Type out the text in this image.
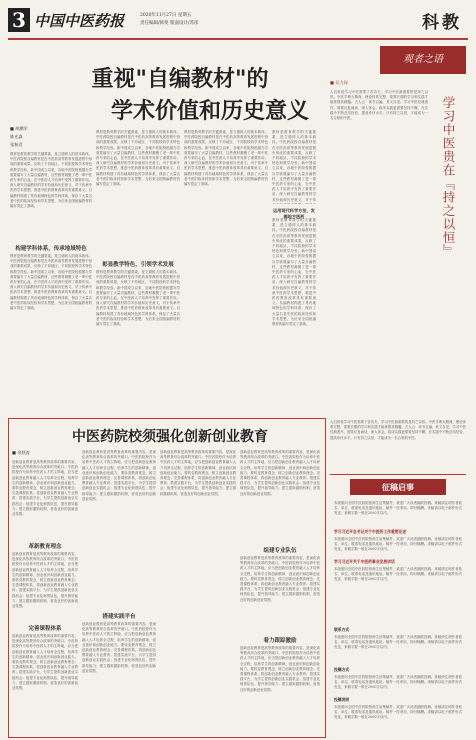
3 中国中医药报	2020年11月27日 星期五
责任编辑/韩斐 版面设计/苏彤	科教
重视"自编教材"的
学术价值和历史意义
■ 胡鹏军
陈光淼
张秋君
教材是教育教学的关键要素，是立德树人的基本载体。中医药院校自编教材是在中医药高等教育发展进程中形成的重要成果，反映了不同地区、不同院校的学术特色和教学经验。新中国成立以来，各地中医院校根据办学需要编写了大量自编教材，这些教材凝聚了老一辈中医药专家的心血，在中医药人才培养中发挥了重要作用。深入研究自编教材的学术价值和历史意义，对于传承中医药学术思想、推进中医药教育改革具有重要意义。自编教材构建了具有地域特色的学科体系，保存了大量名老中医的临床经验和学术思想，为后来全国统编教材的编写奠定了基础。
构建学科体系，传承地域特色
教材是教育教学的关键要素，是立德树人的基本载体。中医药院校自编教材是在中医药高等教育发展进程中形成的重要成果，反映了不同地区、不同院校的学术特色和教学经验。新中国成立以来，各地中医院校根据办学需要编写了大量自编教材，这些教材凝聚了老一辈中医药专家的心血，在中医药人才培养中发挥了重要作用。深入研究自编教材的学术价值和历史意义，对于传承中医药学术思想、推进中医药教育改革具有重要意义。自编教材构建了具有地域特色的学科体系，保存了大量名老中医的临床经验和学术思想，为后来全国统编教材的编写奠定了基础。
教材是教育教学的关键要素，是立德树人的基本载体。中医药院校自编教材是在中医药高等教育发展进程中形成的重要成果，反映了不同地区、不同院校的学术特色和教学经验。新中国成立以来，各地中医院校根据办学需要编写了大量自编教材，这些教材凝聚了老一辈中医药专家的心血，在中医药人才培养中发挥了重要作用。深入研究自编教材的学术价值和历史意义，对于传承中医药学术思想、推进中医药教育改革具有重要意义。自编教材构建了具有地域特色的学科体系，保存了大量名老中医的临床经验和学术思想，为后来全国统编教材的编写奠定了基础。
彰显教学特色，引领学术发展
教材是教育教学的关键要素，是立德树人的基本载体。中医药院校自编教材是在中医药高等教育发展进程中形成的重要成果，反映了不同地区、不同院校的学术特色和教学经验。新中国成立以来，各地中医院校根据办学需要编写了大量自编教材，这些教材凝聚了老一辈中医药专家的心血，在中医药人才培养中发挥了重要作用。深入研究自编教材的学术价值和历史意义，对于传承中医药学术思想、推进中医药教育改革具有重要意义。自编教材构建了具有地域特色的学科体系，保存了大量名老中医的临床经验和学术思想，为后来全国统编教材的编写奠定了基础。
教材是教育教学的关键要素，是立德树人的基本载体。中医药院校自编教材是在中医药高等教育发展进程中形成的重要成果，反映了不同地区、不同院校的学术特色和教学经验。新中国成立以来，各地中医院校根据办学需要编写了大量自编教材，这些教材凝聚了老一辈中医药专家的心血，在中医药人才培养中发挥了重要作用。深入研究自编教材的学术价值和历史意义，对于传承中医药学术思想、推进中医药教育改革具有重要意义。自编教材构建了具有地域特色的学科体系，保存了大量名老中医的临床经验和学术思想，为后来全国统编教材的编写奠定了基础。
教材是教育教学的关键要素，是立德树人的基本载体。中医药院校自编教材是在中医药高等教育发展进程中形成的重要成果，反映了不同地区、不同院校的学术特色和教学经验。新中国成立以来，各地中医院校根据办学需要编写了大量自编教材，这些教材凝聚了老一辈中医药专家的心血，在中医药人才培养中发挥了重要作用。深入研究自编教材的学术价值和历史意义，对于传
运用现代科学方法，发掘地方医药
教材是教育教学的关键要素，是立德树人的基本载体。中医药院校自编教材是在中医药高等教育发展进程中形成的重要成果，反映了不同地区、不同院校的学术特色和教学经验。新中国成立以来，各地中医院校根据办学需要编写了大量自编教材，这些教材凝聚了老一辈中医药专家的心血，在中医药人才培养中发挥了重要作用。深入研究自编教材的学术价值和历史意义，对于传承中医药学术思想、推进中医药教育改革具有重要意义。自编教材构建了具有地域特色的学科体系，保存了大量名老中医的临床经验和学术思想，为后来全国统编教材的编写奠定了基础。
观者之语
■ 吴力琛
人们常说学习中医需要下苦功夫，学习中医最重要的是持之以恒。中医学博大精深，理论体系完整，需要长期的学习和实践才能掌握其精髓。古人云：读书百遍，其义自见。学习中医经典著作，需要反复诵读，深入体会。临床实践更需要坚持不懈，在实践中不断总结经验，提高诊疗水平。只有持之以恒，才能成为一名合格的中医。	学习中医贵在『持之以恒』
中医药院校须强化创新创业教育
■ 余跃涛
创新创业教育是高等教育改革的重要内容，是深化高等教育综合改革的突破口。中医药院校作为培养中医药人才的主阵地，应当把创新创业教育融入人才培养全过程，培养学生的创新精神、创业意识和创新创业能力。要转变教育观念，树立创新创业教育理念；完善课程体系，将创新创业教育融入专业教育；搭建实践平台，为学生提供创新创业实践机会；组建专业化师资队伍，提升指导能力；建立跟踪激励机制，营造良好的创新创业氛围。
革新教育理念
创新创业教育是高等教育改革的重要内容，是深化高等教育综合改革的突破口。中医药院校作为培养中医药人才的主阵地，应当把创新创业教育融入人才培养全过程，培养学生的创新精神、创业意识和创新创业能力。要转变教育观念，树立创新创业教育理念；完善课程体系，将创新创业教育融入专业教育；搭建实践平台，为学生提供创新创业实践机会；组建专业化师资队伍，提升指导能力；建立跟踪激励机制，营造良好的创新创业氛围。
完善课程体系
创新创业教育是高等教育改革的重要内容，是深化高等教育综合改革的突破口。中医药院校作为培养中医药人才的主阵地，应当把创新创业教育融入人才培养全过程，培养学生的创新精神、创业意识和创新创业能力。要转变教育观念，树立创新创业教育理念；完善课程体系，将创新创业教育融入专业教育；搭建实践平台，为学生提供创新创业实践机会；组建专业化师资队伍，提升指导能力；建立跟踪激励机制，营造良好的创新创业氛围。
创新创业教育是高等教育改革的重要内容，是深化高等教育综合改革的突破口。中医药院校作为培养中医药人才的主阵地，应当把创新创业教育融入人才培养全过程，培养学生的创新精神、创业意识和创新创业能力。要转变教育观念，树立创新创业教育理念；完善课程体系，将创新创业教育融入专业教育；搭建实践平台，为学生提供创新创业实践机会；组建专业化师资队伍，提升指导能力；建立跟踪激励机制，营造良好的创新创业氛围。
搭建实践平台
创新创业教育是高等教育改革的重要内容，是深化高等教育综合改革的突破口。中医药院校作为培养中医药人才的主阵地，应当把创新创业教育融入人才培养全过程，培养学生的创新精神、创业意识和创新创业能力。要转变教育观念，树立创新创业教育理念；完善课程体系，将创新创业教育融入专业教育；搭建实践平台，为学生提供创新创业实践机会；组建专业化师资队伍，提升指导能力；建立跟踪激励机制，营造良好的创新创业氛围。
创新创业教育是高等教育改革的重要内容，是深化高等教育综合改革的突破口。中医药院校作为培养中医药人才的主阵地，应当把创新创业教育融入人才培养全过程，培养学生的创新精神、创业意识和创新创业能力。要转变教育观念，树立创新创业教育理念；完善课程体系，将创新创业教育融入专业教育；搭建实践平台，为学生提供创新创业实践机会；组建专业化师资队伍，提升指导能力；建立跟踪激励机制，营造良好的创新创业氛围。
创新创业教育是高等教育改革的重要内容，是深化高等教育综合改革的突破口。中医药院校作为培养中医药人才的主阵地，应当把创新创业教育融入人才培养全过程，培养学生的创新精神、创业意识和创新创业能力。要转变教育观念，树立创新创业教育理念；完善课程体系，将创新创业教育融入专业教育；搭建实践平台，为学生提供创新创业实践机会；组建专业化师资队伍，提升指导能力；建立跟踪激励机制，营造良好的创新创业氛围。
组建专业队伍
创新创业教育是高等教育改革的重要内容，是深化高等教育综合改革的突破口。中医药院校作为培养中医药人才的主阵地，应当把创新创业教育融入人才培养全过程，培养学生的创新精神、创业意识和创新创业能力。要转变教育观念，树立创新创业教育理念；完善课程体系，将创新创业教育融入专业教育；搭建实践平台，为学生提供创新创业实践机会；组建专业化师资队伍，提升指导能力；建立跟踪激励机制，营造良好的创新创业氛围。
着力跟踪激励
创新创业教育是高等教育改革的重要内容，是深化高等教育综合改革的突破口。中医药院校作为培养中医药人才的主阵地，应当把创新创业教育融入人才培养全过程，培养学生的创新精神、创业意识和创新创业能力。要转变教育观念，树立创新创业教育理念；完善课程体系，将创新创业教育融入专业教育；搭建实践平台，为学生提供创新创业实践机会；组建专业化师资队伍，提升指导能力；建立跟踪激励机制，营造良好的创新创业氛围。
人们常说学习中医需要下苦功夫，学习中医最重要的是持之以恒。中医学博大精深，理论体系完整，需要长期的学习和实践才能掌握其精髓。古人云：读书百遍，其义自见。学习中医经典著作，需要反复诵读，深入体会。临床实践更需要坚持不懈，在实践中不断总结经验，提高诊疗水平。只有持之以恒，才能成为一名合格的中医。
征稿启事
本版面向全国中医药院校师生征集稿件，欢迎广大读者踊跃投稿。来稿请注明作者姓名、单位、联系电话及通讯地址。稿件一经采用，即付稿酬。来稿请以电子邮件形式发送，来稿字数一般在2000字以内。
学习习近平总书记关于中医药工作重要论述
本版面向全国中医药院校师生征集稿件，欢迎广大读者踊跃投稿。来稿请注明作者姓名、单位、联系电话及通讯地址。稿件一经采用，即付稿酬。来稿请以电子邮件形式发送，来稿字数一般在2000字以内。
学习习近平关于中医药事业发展讲话
本版面向全国中医药院校师生征集稿件，欢迎广大读者踊跃投稿。来稿请注明作者姓名、单位、联系电话及通讯地址。稿件一经采用，即付稿酬。来稿请以电子邮件形式发送，来稿字数一般在2000字以内。
联系方式
本版面向全国中医药院校师生征集稿件，欢迎广大读者踊跃投稿。来稿请注明作者姓名、单位、联系电话及通讯地址。稿件一经采用，即付稿酬。来稿请以电子邮件形式发送，来稿字数一般在2000字以内。
投稿方式
本版面向全国中医药院校师生征集稿件，欢迎广大读者踊跃投稿。来稿请注明作者姓名、单位、联系电话及通讯地址。稿件一经采用，即付稿酬。来稿请以电子邮件形式发送，来稿字数一般在2000字以内。
投稿说明
本版面向全国中医药院校师生征集稿件，欢迎广大读者踊跃投稿。来稿请注明作者姓名、单位、联系电话及通讯地址。稿件一经采用，即付稿酬。来稿请以电子邮件形式发送，来稿字数一般在2000字以内。
